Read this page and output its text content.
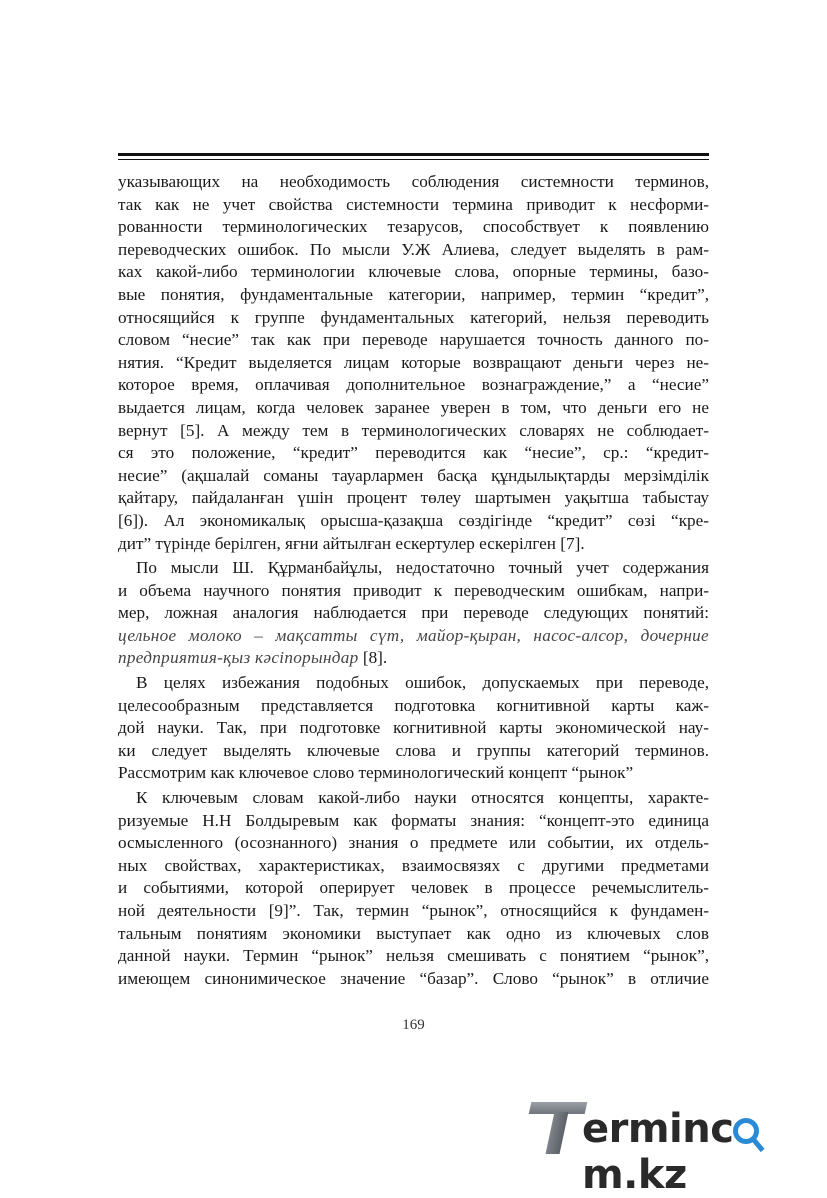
указывающих на необходимость соблюдения системности терминов,
так как не учет свойства системности термина приводит к несформи-
рованности терминологических тезарусов, способствует к появлению
переводческих ошибок. По мысли У.Ж Алиева, следует выделять в рам-
ках какой-либо терминологии ключевые слова, опорные термины, базо-
вые понятия, фундаментальные категории, например, термин “кредит”,
относящийся к группе фундаментальных категорий, нельзя переводить
словом “несие” так как при переводе нарушается точность данного по-
нятия. “Кредит выделяется лицам которые возвращают деньги через не-
которое время, оплачивая дополнительное вознаграждение,” а “несие”
выдается лицам, когда человек заранее уверен в том, что деньги его не
вернут [5]. А между тем в терминологических словарях не соблюдает-
ся это положение, “кредит” переводится как “несие”, ср.: “кредит-
несие” (ақшалай соманы тауарлармен басқа құндылықтарды мерзімділік
қайтару, пайдаланған үшін процент төлеу шартымен уақытша табыстау
[6]). Ал экономикалық орысша-қазақша сөздігінде “кредит” сөзі “кре-
дит” түрінде берілген, яғни айтылған ескертулер ескерілген [7].

По мысли Ш. Құрманбайұлы, недостаточно точный учет содержания
и объема научного понятия приводит к переводческим ошибкам, напри-
мер, ложная аналогия наблюдается при переводе следующих понятий:
цельное молоко – мақсатты сүт, майор-қыран, насос-алсор, дочерние
предприятия-қыз кәсіпорындар [8].

В целях избежания подобных ошибок, допускаемых при переводе,
целесообразным представляется подготовка когнитивной карты каж-
дой науки. Так, при подготовке когнитивной карты экономической нау-
ки следует выделять ключевые слова и группы категорий терминов.
Рассмотрим как ключевое слово терминологический концепт “рынок”

К ключевым словам какой-либо науки относятся концепты, характе-
ризуемые Н.Н Болдыревым как форматы знания: “концепт-это единица
осмысленного (осознанного) знания о предмете или событии, их отдель-
ных свойствах, характеристиках, взаимосвязях с другими предметами
и событиями, которой оперирует человек в процессе речемыслитель-
ной деятельности [9]”. Так, термин “рынок”, относящийся к фундамен-
тальным понятиям экономики выступает как одно из ключевых слов
данной науки. Термин “рынок” нельзя смешивать с понятием “рынок”,
имеющем синонимическое значение “базар”. Слово “рынок” в отличие

169
ermincm.kz
